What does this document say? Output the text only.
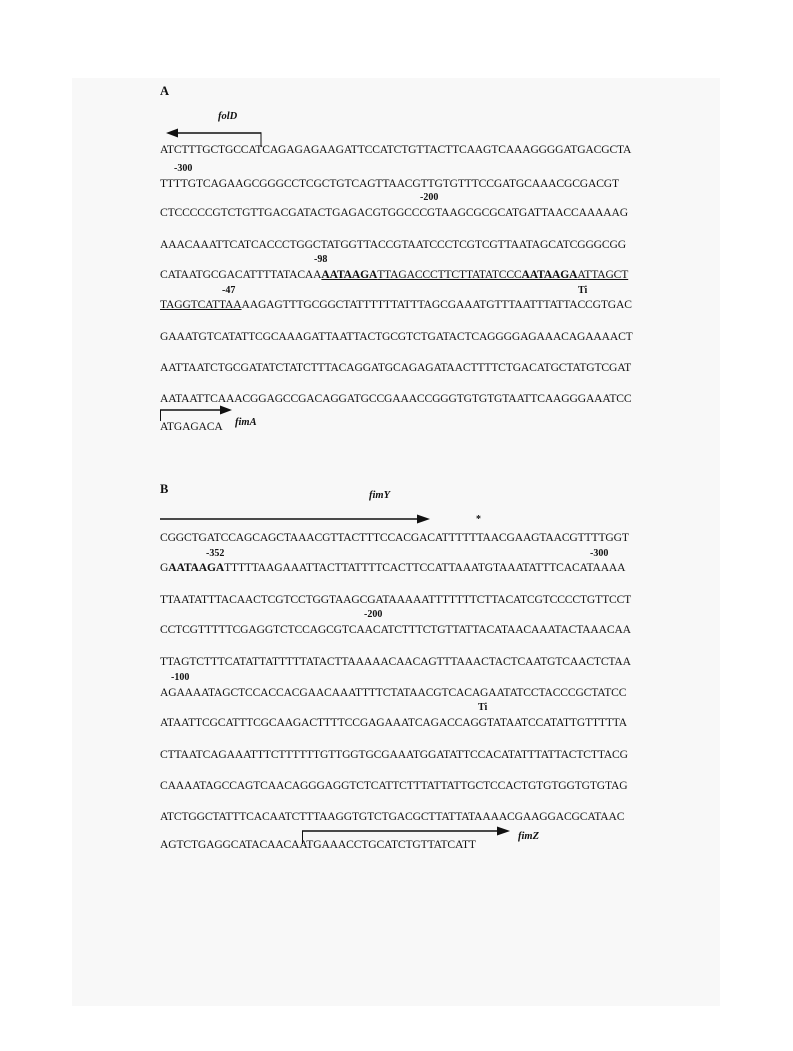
A
folD
ATCTTTGCTGCCATCAGAGAGAAGATTCCATCTGTTACTTCAAGTCAAAGGGGATGACGCTA
-300
TTTTGTCAGAAGCGGGCCTCGCTGTCAGTTAACGTTGTGTTTCCGATGCAAACGCGACGT
-200
CTCCCCCGTCTGTTGACGATACTGAGACGTGGCCCGTAAGCGCGCATGATTAACCAAAAAG
AAACAAATTCATCACCCTGGCTATGGTTACCGTAATCCCTCGTCGTTAATAGCATCGGGCGG
-98
CATAATGCGACATTTTATACAAAATAAGATTAGACCCTTCTTATATCCCAATAAGAATTAGCT
-47	Ti
TAGGTCATTAAAAGAGTTTGCGGCTATTTTTTATTTAGCGAAATGTTTAATTTATTACCGTGAC
GAAATGTCATATTCGCAAAGATTAATTACTGCGTCTGATACTCAGGGGAGAAACAGAAAACT
AATTAATCTGCGATATCTATCTTTACAGGATGCAGAGATAACTTTTCTGACATGCTATGTCGAT
AATAATTCAAACGGAGCCGACAGGATGCCGAAACCGGGTGTGTGTAATTCAAGGGAAATCC
ATGAGACA fimA
B	fimY
*
CGGCTGATCCAGCAGCTAAACGTTACTTTCCACGACATTTTTTAACGAAGTAACGTTTTGGT
-352	-300
GAATAAGATTTTTAAGAAATTACTTATTTTCACTTCCATTAAATGTAAATATTTCACATAAAA
TTAATATTTACAACTCGTCCTGGTAAGCGATAAAAATTTTTTTCTTACATCGTCCCCTGTTCCT
-200
CCTCGTTTTTCGAGGTCTCCAGCGTCAACATCTTTCTGTTATTACATAACAAATACTAAACAA
TTAGTCTTTCATATTATTTTTATACTTAAAAACAACAGTTTAAACTACTCAATGTCAACTCTAA
-100
AGAAAATAGCTCCACCACGAACAAATTTTCTATAACGTCACAGAATATCCTACCCGCTATCC
Ti
ATAATTCGCATTTCGCAAGACTTTTCCGAGAAATCAGACCAGGTATAATCCATATTGTTTTTA
CTTAATCAGAAATTTCTTTTTTGTTGGTGCGAAATGGATATTCCACATATTTATTACTCTTACG
CAAAATAGCCAGTCAACAGGGAGGTCTCATTCTTTATTATTGCTCCACTGTGTGGTGTGTAG
ATCTGGCTATTTCACAATCTTTAAGGTGTCTGACGCTTATTATAAAACGAAGGACGCATAAC
AGTCTGAGGCATACAACAATGAAACCTGCATCTGTTATCATT
fimZ
